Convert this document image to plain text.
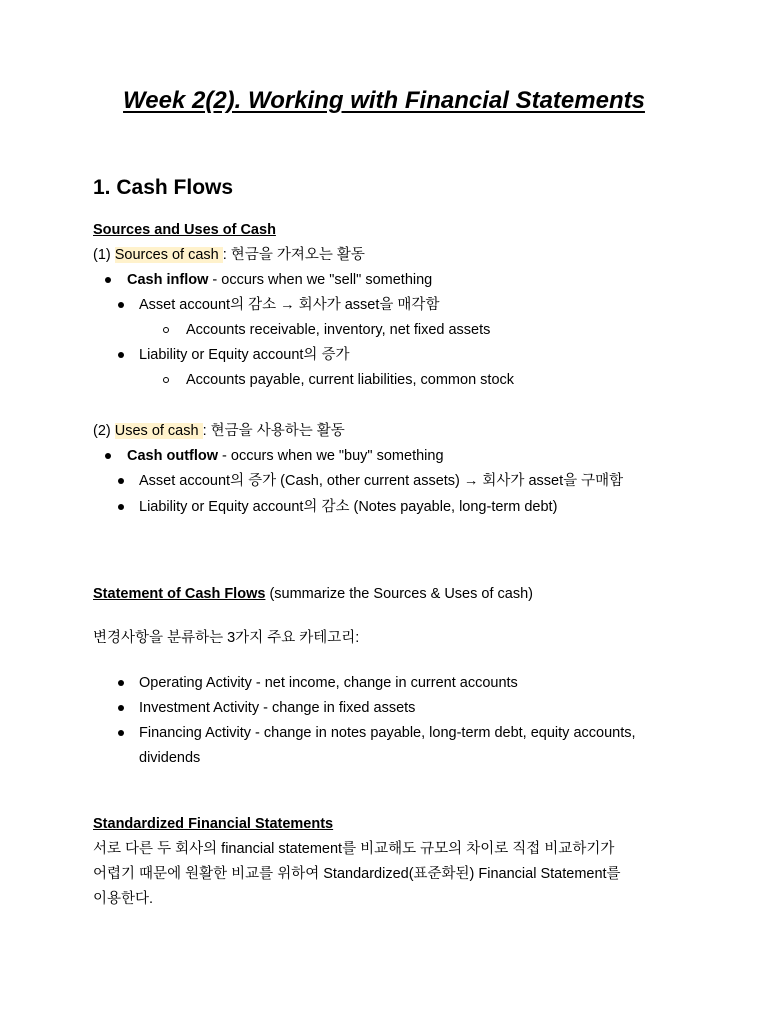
Week 2(2). Working with Financial Statements
1. Cash Flows
Sources and Uses of Cash
(1) Sources of cash : 현금을 가져오는 활동
Cash inflow - occurs when we "sell" something
Asset account의 감소 → 회사가 asset을 매각함
Accounts receivable, inventory, net fixed assets
Liability or Equity account의 증가
Accounts payable, current liabilities, common stock
(2) Uses of cash : 현금을 사용하는 활동
Cash outflow - occurs when we "buy" something
Asset account의 증가 (Cash, other current assets) → 회사가 asset을 구매함
Liability or Equity account의 감소 (Notes payable, long-term debt)
Statement of Cash Flows (summarize the Sources & Uses of cash)
변경사항을 분류하는 3가지 주요 카테고리:
Operating Activity - net income, change in current accounts
Investment Activity - change in fixed assets
Financing Activity - change in notes payable, long-term debt, equity accounts,
dividends
Standardized Financial Statements
서로 다른 두 회사의 financial statement를 비교해도 규모의 차이로 직접 비교하기가
어렵기 때문에 원활한 비교를 위하여 Standardized(표준화된) Financial Statement를
이용한다.
